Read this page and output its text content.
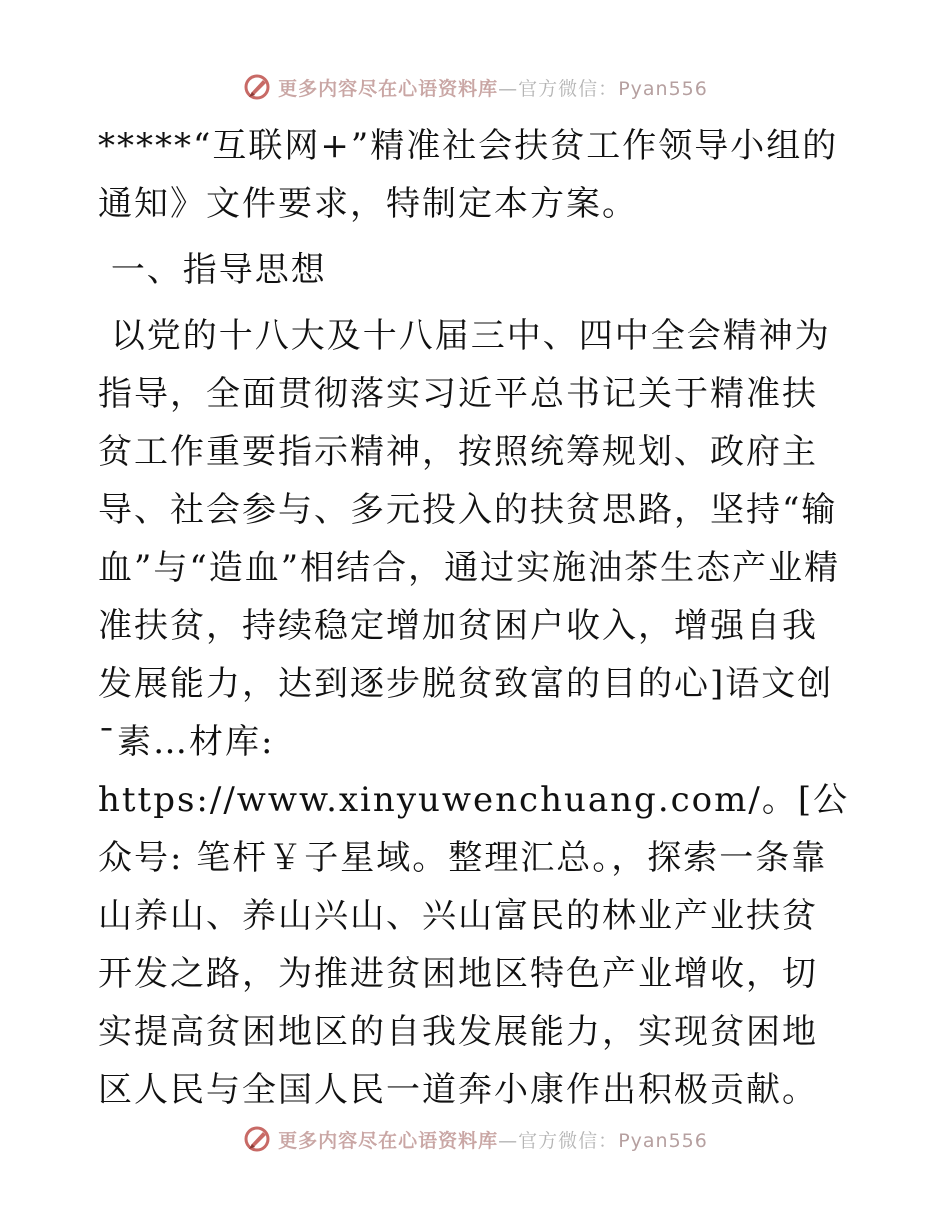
更多内容尽在心语资料库—官方微信：Pyan556

*****“互联网+”精准社会扶贫工作领导小组的通知》文件要求，特制定本方案。

一、指导思想

以党的十八大及十八届三中、四中全会精神为指导，全面贯彻落实习近平总书记关于精准扶贫工作重要指示精神，按照统筹规划、政府主导、社会参与、多元投入的扶贫思路，坚持“输血”与“造血”相结合，通过实施油茶生态产业精准扶贫，持续稳定增加贫困户收入，增强自我发展能力，达到逐步脱贫致富的目的心]语文创¯素…材库: https://www.xinyuwenchuang.com/。[公众号: 笔杆￥子星域。整理汇总。，探索一条靠山养山、养山兴山、兴山富民的林业产业扶贫开发之路，为推进贫困地区特色产业增收，切实提高贫困地区的自我发展能力，实现贫困地区人民与全国人民一道奔小康作出积极贡献。

更多内容尽在心语资料库—官方微信：Pyan556
